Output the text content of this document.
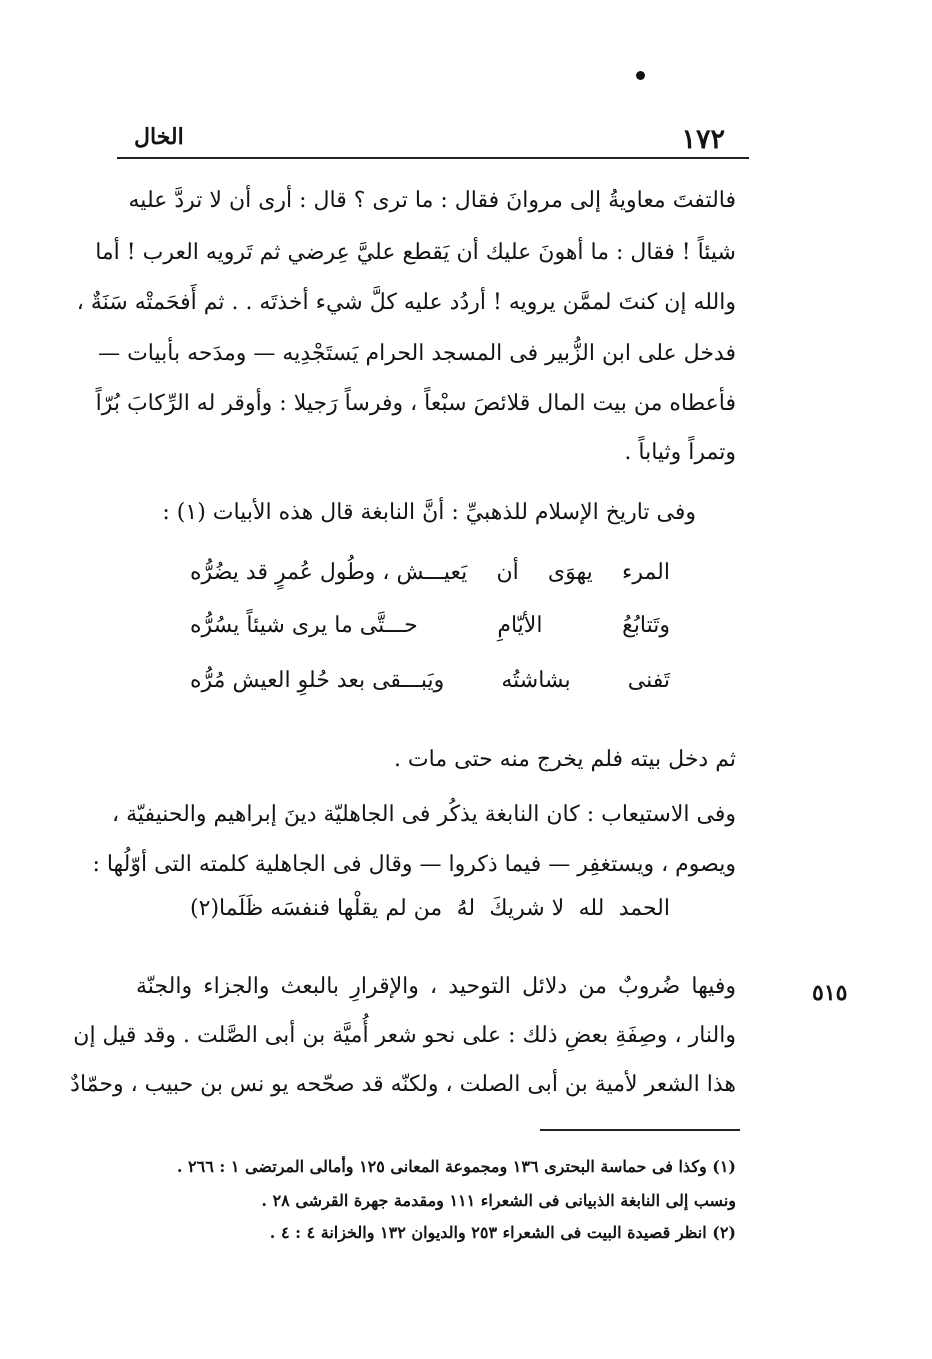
١٧٢
الخال
فالتفتَ معاويةُ إلى مروانَ فقال : ما ترى ؟ قال : أرى أن لا تردَّ عليه
شيئاً ! فقال : ما أهونَ عليك أن يَقطع عليَّ عِرضي ثم تَرويه العرب ! أما
والله إن كنتَ لممَّن يرويه ! أردُد عليه كلَّ شيء أخذتَه . . ثم أَفحَمتْه سَنَةٌ ،
فدخل على ابن الزُّبير فى المسجد الحرام يَستَجْدِيه — ومدَحه بأبيات —
فأعطاه من بيت المال قلائصَ سبْعاً ، وفرساً رَجيلا : وأوقر له الرِّكابَ بُرّاً
وتمراً وثياباً .
وفى تاريخ الإسلام للذهبيِّ : أنَّ النابغة قال هذه الأبيات (١) :
المرء
يهوَى
أن
يَعيـــش ، وطُول عُمرٍ قد يضُرُّه
وتَتابُعُ
الأيّامِ
حـــتَّى ما يرى شيئاً يسُرُّه
تَفنى
بشاشتُه
ويَبـــقى بعد حُلوِ العيش مُرُّه
ثم دخل بيته فلم يخرج منه حتى مات .
وفى الاستيعاب : كان النابغة يذكُر فى الجاهليّة دينَ إبراهيم والحنيفيّة ،
ويصوم ، ويستغفِر — فيما ذكروا — وقال فى الجاهلية كلمته التى أوّلُها :
الحمد
لله
لا شريكَ
لهُ
من لم يقلْها فنفسَه ظَلَما(٢)
٥١٥
وفيها ضُروبٌ من دلائل التوحيد ، والإقرارِ بالبعث والجزاء والجنّة
والنار ، وصِفَةِ بعضِ ذلك : على نحو شعر أُميَّة بن أبى الصَّلت . وقد قيل إن
هذا الشعر لأمية بن أبى الصلت ، ولكنّه قد صحّحه يو نس بن حبيب ، وحمّادٌ
(١) وكذا فى حماسة البحترى ١٣٦ ومجموعة المعانى ١٢٥ وأمالى المرتضى ١ : ٢٦٦ .
ونسب إلى النابغة الذبيانى فى الشعراء ١١١ ومقدمة جهرة القرشى ٢٨ .
(٢) انظر قصيدة البيت فى الشعراء ٢٥٣ والديوان ١٣٢ والخزانة ٤ : ٤ .
